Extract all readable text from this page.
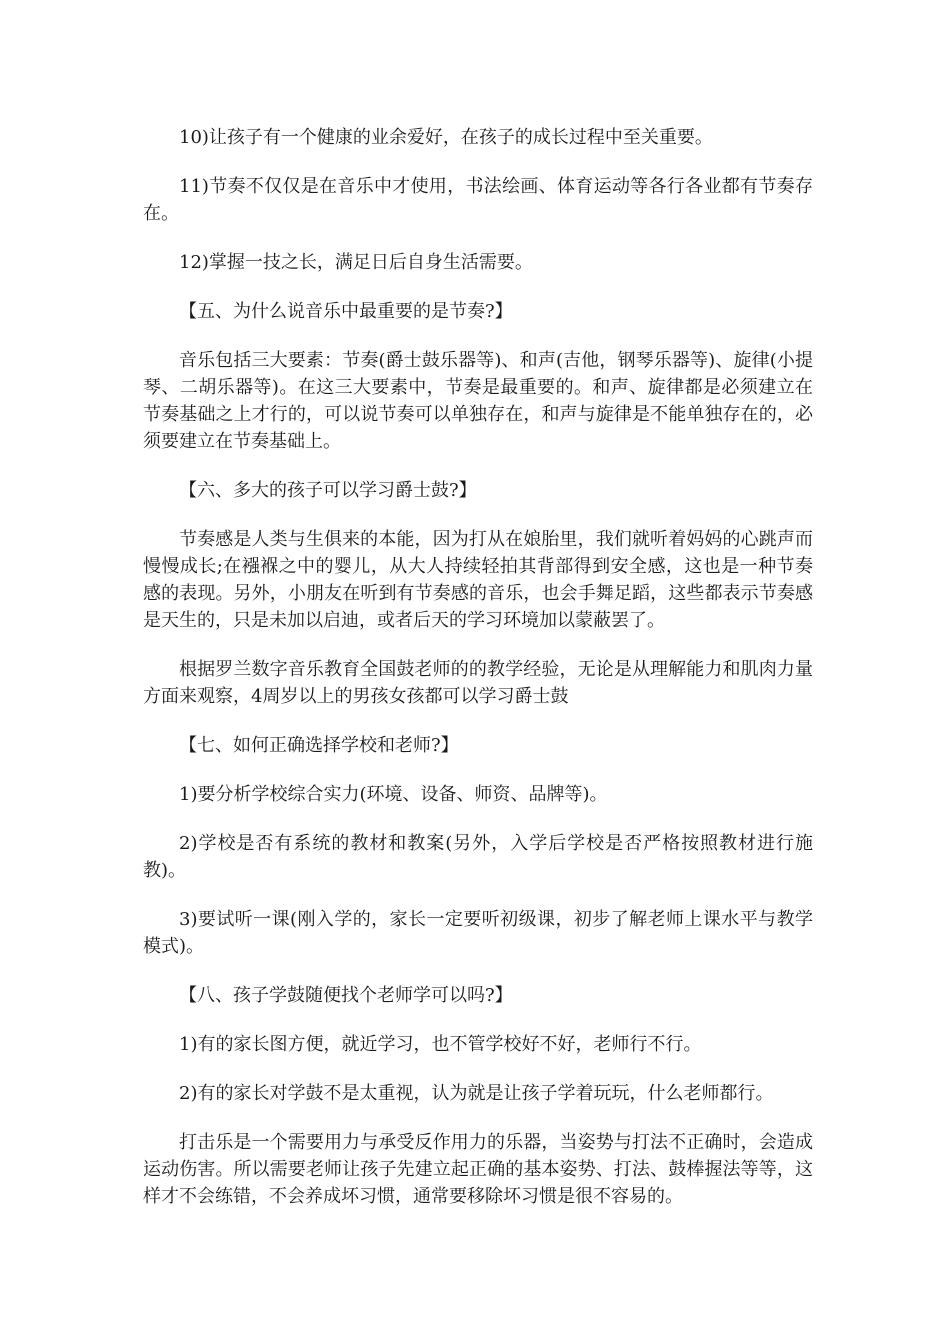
10)让孩子有一个健康的业余爱好，在孩子的成长过程中至关重要。

11)节奏不仅仅是在音乐中才使用，书法绘画、体育运动等各行各业都有节奏存在。

12)掌握一技之长，满足日后自身生活需要。

【五、为什么说音乐中最重要的是节奏?】

音乐包括三大要素：节奏(爵士鼓乐器等)、和声(吉他，钢琴乐器等)、旋律(小提琴、二胡乐器等)。在这三大要素中，节奏是最重要的。和声、旋律都是必须建立在节奏基础之上才行的，可以说节奏可以单独存在，和声与旋律是不能单独存在的，必须要建立在节奏基础上。

【六、多大的孩子可以学习爵士鼓?】

节奏感是人类与生俱来的本能，因为打从在娘胎里，我们就听着妈妈的心跳声而慢慢成长;在襁褓之中的婴儿，从大人持续轻拍其背部得到安全感，这也是一种节奏感的表现。另外，小朋友在听到有节奏感的音乐，也会手舞足蹈，这些都表示节奏感是天生的，只是未加以启迪，或者后天的学习环境加以蒙蔽罢了。

根据罗兰数字音乐教育全国鼓老师的的教学经验，无论是从理解能力和肌肉力量方面来观察，4周岁以上的男孩女孩都可以学习爵士鼓

【七、如何正确选择学校和老师?】

1)要分析学校综合实力(环境、设备、师资、品牌等)。

2)学校是否有系统的教材和教案(另外，入学后学校是否严格按照教材进行施教)。

3)要试听一课(刚入学的，家长一定要听初级课，初步了解老师上课水平与教学模式)。

【八、孩子学鼓随便找个老师学可以吗?】

1)有的家长图方便，就近学习，也不管学校好不好，老师行不行。

2)有的家长对学鼓不是太重视，认为就是让孩子学着玩玩，什么老师都行。

打击乐是一个需要用力与承受反作用力的乐器，当姿势与打法不正确时，会造成运动伤害。所以需要老师让孩子先建立起正确的基本姿势、打法、鼓棒握法等等，这样才不会练错，不会养成坏习惯，通常要移除坏习惯是很不容易的。
